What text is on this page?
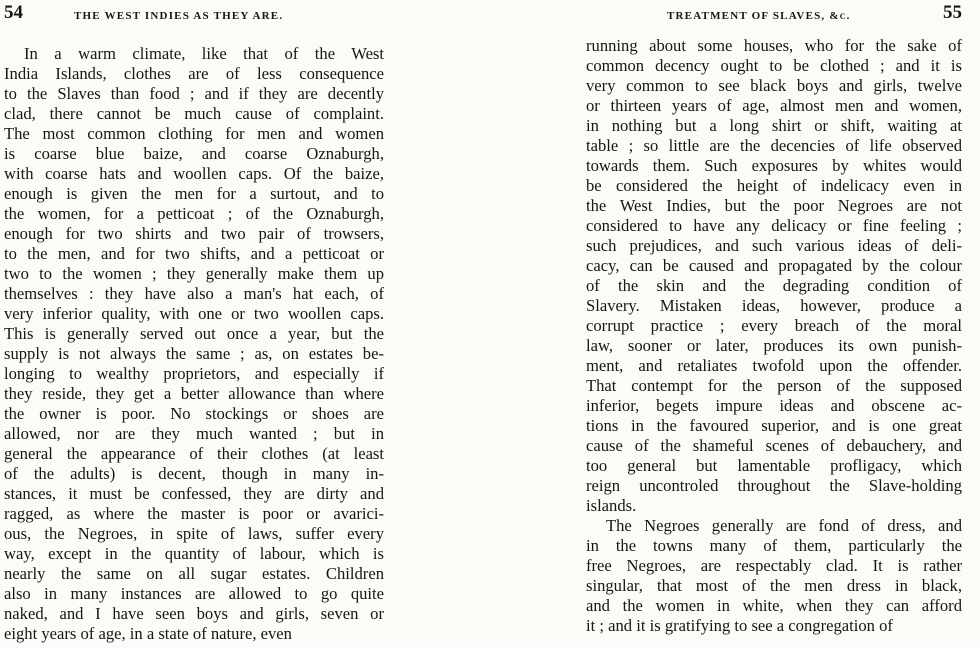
54	THE WEST INDIES AS THEY ARE.
In a warm climate, like that of the West
India Islands, clothes are of less consequence
to the Slaves than food ; and if they are decently
clad, there cannot be much cause of complaint.
The most common clothing for men and women
is coarse blue baize, and coarse Oznaburgh,
with coarse hats and woollen caps. Of the baize,
enough is given the men for a surtout, and to
the women, for a petticoat ; of the Oznaburgh,
enough for two shirts and two pair of trowsers,
to the men, and for two shifts, and a petticoat or
two to the women ; they generally make them up
themselves : they have also a man's hat each, of
very inferior quality, with one or two woollen caps.
This is generally served out once a year, but the
supply is not always the same ; as, on estates be-
longing to wealthy proprietors, and especially if
they reside, they get a better allowance than where
the owner is poor. No stockings or shoes are
allowed, nor are they much wanted ; but in
general the appearance of their clothes (at least
of the adults) is decent, though in many in-
stances, it must be confessed, they are dirty and
ragged, as where the master is poor or avarici-
ous, the Negroes, in spite of laws, suffer every
way, except in the quantity of labour, which is
nearly the same on all sugar estates. Children
also in many instances are allowed to go quite
naked, and I have seen boys and girls, seven or
eight years of age, in a state of nature, even
TREATMENT OF SLAVES, &c.	55
running about some houses, who for the sake of
common decency ought to be clothed ; and it is
very common to see black boys and girls, twelve
or thirteen years of age, almost men and women,
in nothing but a long shirt or shift, waiting at
table ; so little are the decencies of life observed
towards them. Such exposures by whites would
be considered the height of indelicacy even in
the West Indies, but the poor Negroes are not
considered to have any delicacy or fine feeling ;
such prejudices, and such various ideas of deli-
cacy, can be caused and propagated by the colour
of the skin and the degrading condition of
Slavery. Mistaken ideas, however, produce a
corrupt practice ; every breach of the moral
law, sooner or later, produces its own punish-
ment, and retaliates twofold upon the offender.
That contempt for the person of the supposed
inferior, begets impure ideas and obscene ac-
tions in the favoured superior, and is one great
cause of the shameful scenes of debauchery, and
too general but lamentable profligacy, which
reign uncontroled throughout the Slave-holding
islands.
The Negroes generally are fond of dress, and
in the towns many of them, particularly the
free Negroes, are respectably clad. It is rather
singular, that most of the men dress in black,
and the women in white, when they can afford
it ; and it is gratifying to see a congregation of
